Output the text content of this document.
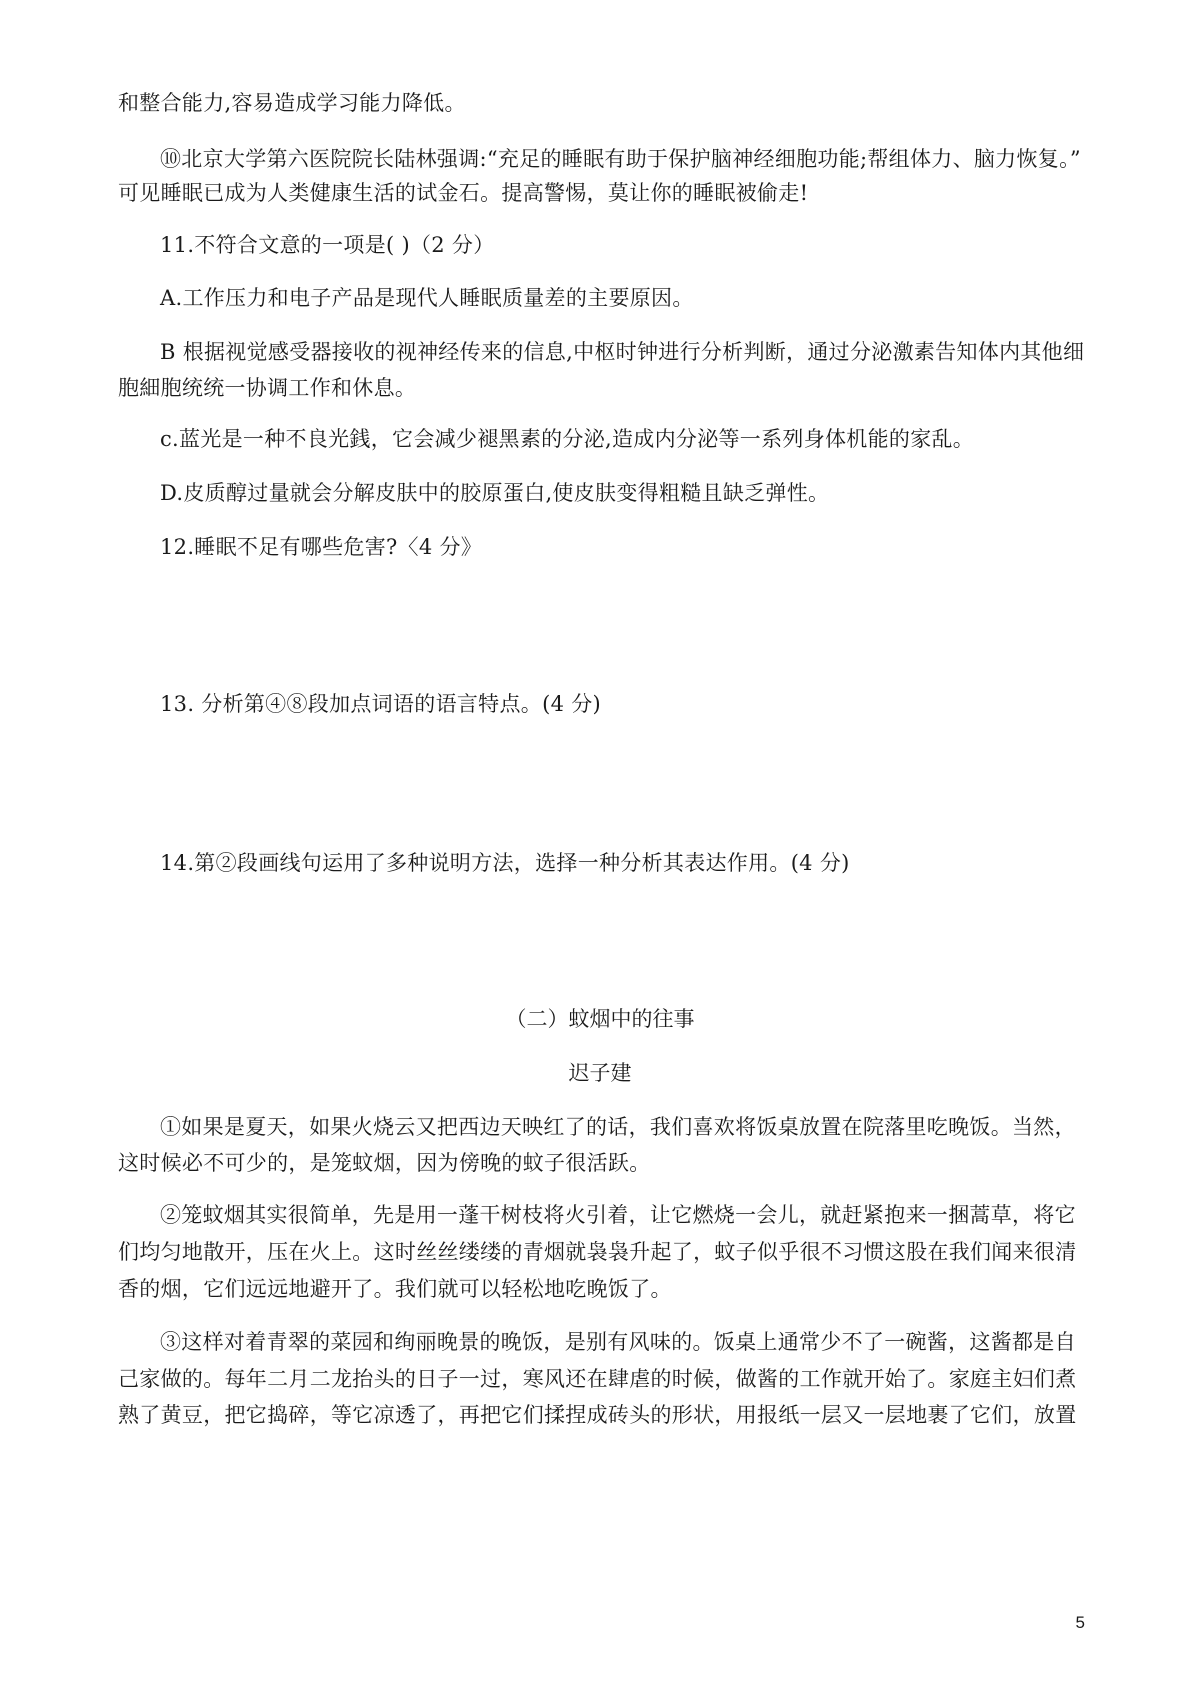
和整合能力,容易造成学习能力降低。
⑩北京大学第六医院院长陆林强调:“充足的睡眠有助于保护脑神经细胞功能;帮组体力、脑力恢复。”
可见睡眠已成为人类健康生活的试金石。提高警惕，莫让你的睡眠被偷走!
11.不符合文意的一项是( )（2 分）
A.工作压力和电子产品是现代人睡眠质量差的主要原因。
B 根据视觉感受器接收的视神经传来的信息,中枢时钟进行分析判断，通过分泌激素告知体内其他细
胞細胞统统一协调工作和休息。
c.蓝光是一种不良光銭，它会减少褪黑素的分泌,造成内分泌等一系列身体机能的家乱。
D.皮质醇过量就会分解皮肤中的胶原蛋白,使皮肤变得粗糙且缺乏弹性。
12.睡眠不足有哪些危害?〈4 分》
13. 分析第④⑧段加点词语的语言特点。(4 分)
14.第②段画线句运用了多种说明方法，选择一种分析其表达作用。(4 分)
（二）蚊烟中的往事
迟子建
①如果是夏天，如果火烧云又把西边天映红了的话，我们喜欢将饭桌放置在院落里吃晚饭。当然，
这时候必不可少的，是笼蚊烟，因为傍晚的蚊子很活跃。
②笼蚊烟其实很简单，先是用一蓬干树枝将火引着，让它燃烧一会儿，就赶紧抱来一捆蒿草，将它
们均匀地散开，压在火上。这时丝丝缕缕的青烟就袅袅升起了，蚊子似乎很不习惯这股在我们闻来很清
香的烟，它们远远地避开了。我们就可以轻松地吃晚饭了。
③这样对着青翠的菜园和绚丽晚景的晚饭，是别有风味的。饭桌上通常少不了一碗酱，这酱都是自
己家做的。每年二月二龙抬头的日子一过，寒风还在肆虐的时候，做酱的工作就开始了。家庭主妇们煮
熟了黄豆，把它捣碎，等它凉透了，再把它们揉捏成砖头的形状，用报纸一层又一层地裹了它们，放置
5
